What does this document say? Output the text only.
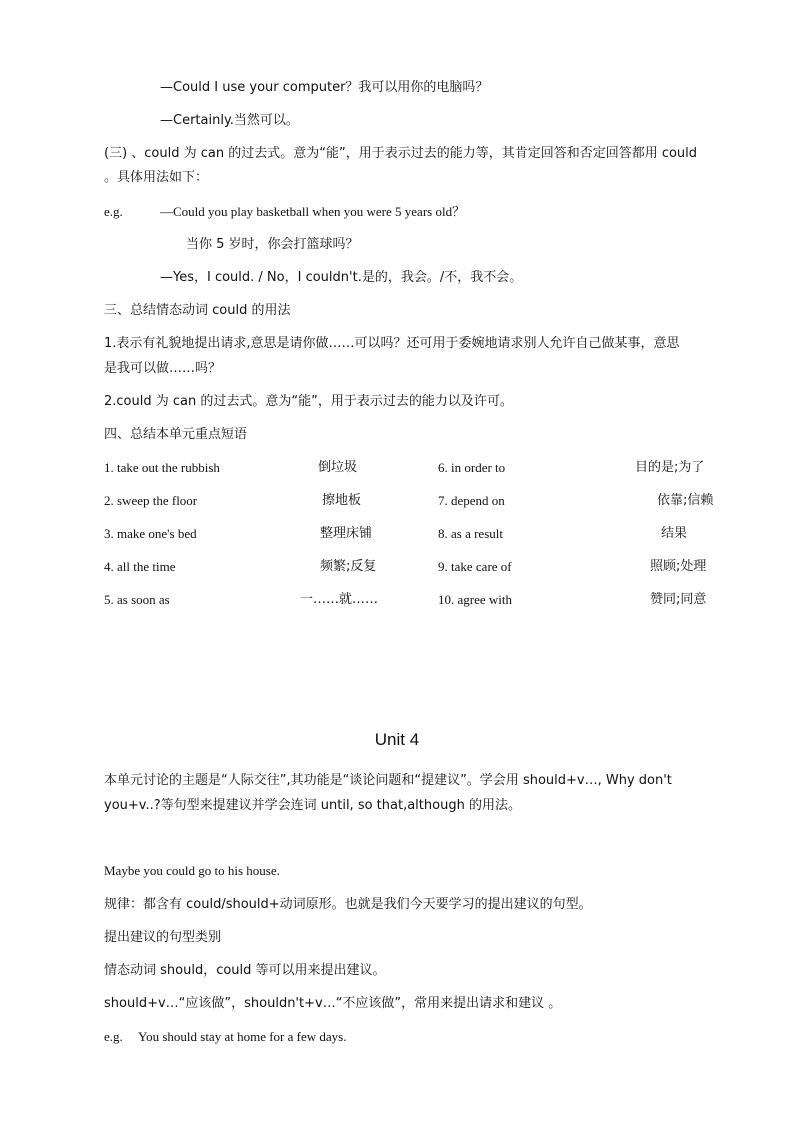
—Could I use your computer？我可以用你的电脑吗？
—Certainly.当然可以。
(三) 、could 为 can 的过去式。意为“能”，用于表示过去的能力等，其肯定回答和否定回答都用 could
。具体用法如下：
e.g.	—Could you play basketball when you were 5 years old？
当你 5 岁时，你会打篮球吗？
—Yes，I could. / No，I couldn't.是的，我会。/不，我不会。
三、总结情态动词 could 的用法
1.表示有礼貌地提出请求,意思是请你做……可以吗？还可用于委婉地请求别人允许自己做某事，意思
是我可以做……吗？
2.could 为 can 的过去式。意为“能”，用于表示过去的能力以及许可。
四、总结本单元重点短语
1. take out the rubbish	倒垃圾	6. in order to	目的是;为了
2. sweep the floor	擦地板	7. depend on	依靠;信赖
3. make one's bed	整理床铺	8. as a result	结果
4. all the time	频繁;反复	9. take care of	照顾;处理
5. as soon as	一……就……	10. agree with	赞同;同意
Unit 4
本单元讨论的主题是“人际交往”,其功能是“谈论问题和“提建议”。学会用 should+v…, Why don't
you+v..?等句型来提建议并学会连词 until, so that,although 的用法。
Maybe you could go to his house.
规律：都含有 could/should+动词原形。也就是我们今天要学习的提出建议的句型。
提出建议的句型类别
情态动词 should，could 等可以用来提出建议。
should+v…“应该做”，shouldn't+v…“不应该做”，常用来提出请求和建议 。
e.g. You should stay at home for a few days.
